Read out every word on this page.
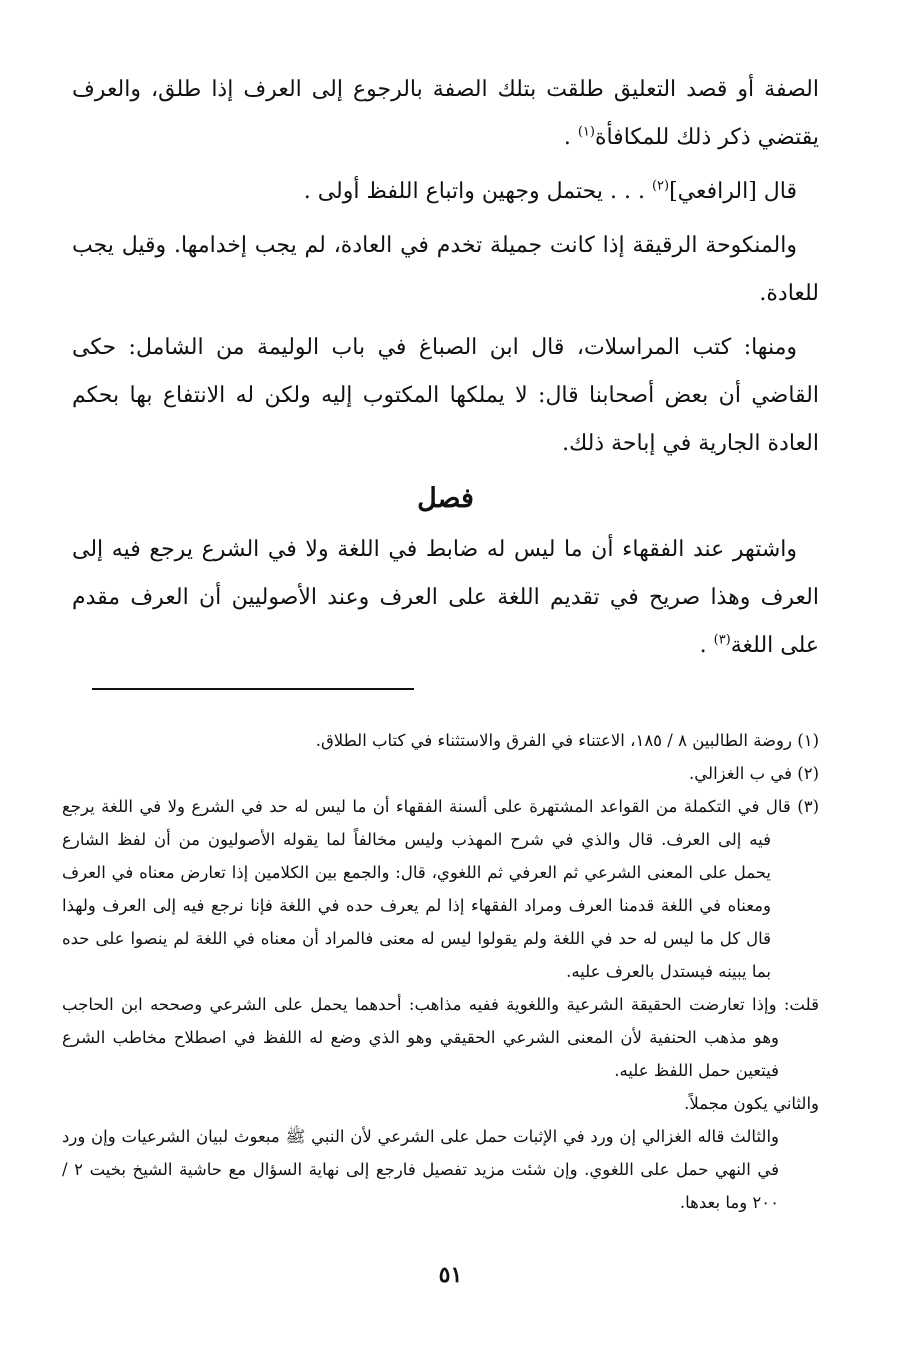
الصفة أو قصد التعليق طلقت بتلك الصفة بالرجوع إلى العرف إذا طلق، والعرف يقتضي ذكر ذلك للمكافأة$^{(١)}$ .

 قال [الرافعي]$^{(٢)}$ . . . يحتمل وجهين واتباع اللفظ أولى .

 والمنكوحة الرقيقة إذا كانت جميلة تخدم في العادة، لم يجب إخدامها. وقيل يجب للعادة.

 ومنها: كتب المراسلات، قال ابن الصباغ في باب الوليمة من الشامل: حكى القاضي أن بعض أصحابنا قال: لا يملكها المكتوب إليه ولكن له الانتفاع بها بحكم العادة الجارية في إباحة ذلك.

فصل

 واشتهر عند الفقهاء أن ما ليس له ضابط في اللغة ولا في الشرع يرجع فيه إلى العرف وهذا صريح في تقديم اللغة على العرف وعند الأصوليين أن العرف مقدم على اللغة$^{(٣)}$ .

(١) روضة الطالبين ٨ / ١٨٥، الاعتناء في الفرق والاستثناء في كتاب الطلاق.

(٢) في ب الغزالي.

(٣) قال في التكملة من القواعد المشتهرة على ألسنة الفقهاء أن ما ليس له حد في الشرع ولا في اللغة يرجع فيه إلى العرف. قال والذي في شرح المهذب وليس مخالفاً لما يقوله الأصوليون من أن لفظ الشارع يحمل على المعنى الشرعي ثم العرفي ثم اللغوي، قال: والجمع بين الكلامين إذا تعارض معناه في العرف ومعناه في اللغة قدمنا العرف ومراد الفقهاء إذا لم يعرف حده في اللغة فإنا نرجع فيه إلى العرف ولهذا قال كل ما ليس له حد في اللغة ولم يقولوا ليس له معنى فالمراد أن معناه في اللغة لم ينصوا على حده بما يبينه فيستدل بالعرف عليه.

قلت: وإذا تعارضت الحقيقة الشرعية واللغوية ففيه مذاهب: أحدهما يحمل على الشرعي وصححه ابن الحاجب وهو مذهب الحنفية لأن المعنى الشرعي الحقيقي وهو الذي وضع له اللفظ في اصطلاح مخاطب الشرع فيتعين حمل اللفظ عليه.

والثاني يكون مجملاً.

والثالث قاله الغزالي إن ورد في الإثبات حمل على الشرعي لأن النبي ﷺ مبعوث لبيان الشرعيات وإن ورد في النهي حمل على اللغوي. وإن شئت مزيد تفصيل فارجع إلى نهاية السؤال مع حاشية الشيخ بخيت ٢ / ٢٠٠ وما بعدها.

٥١
